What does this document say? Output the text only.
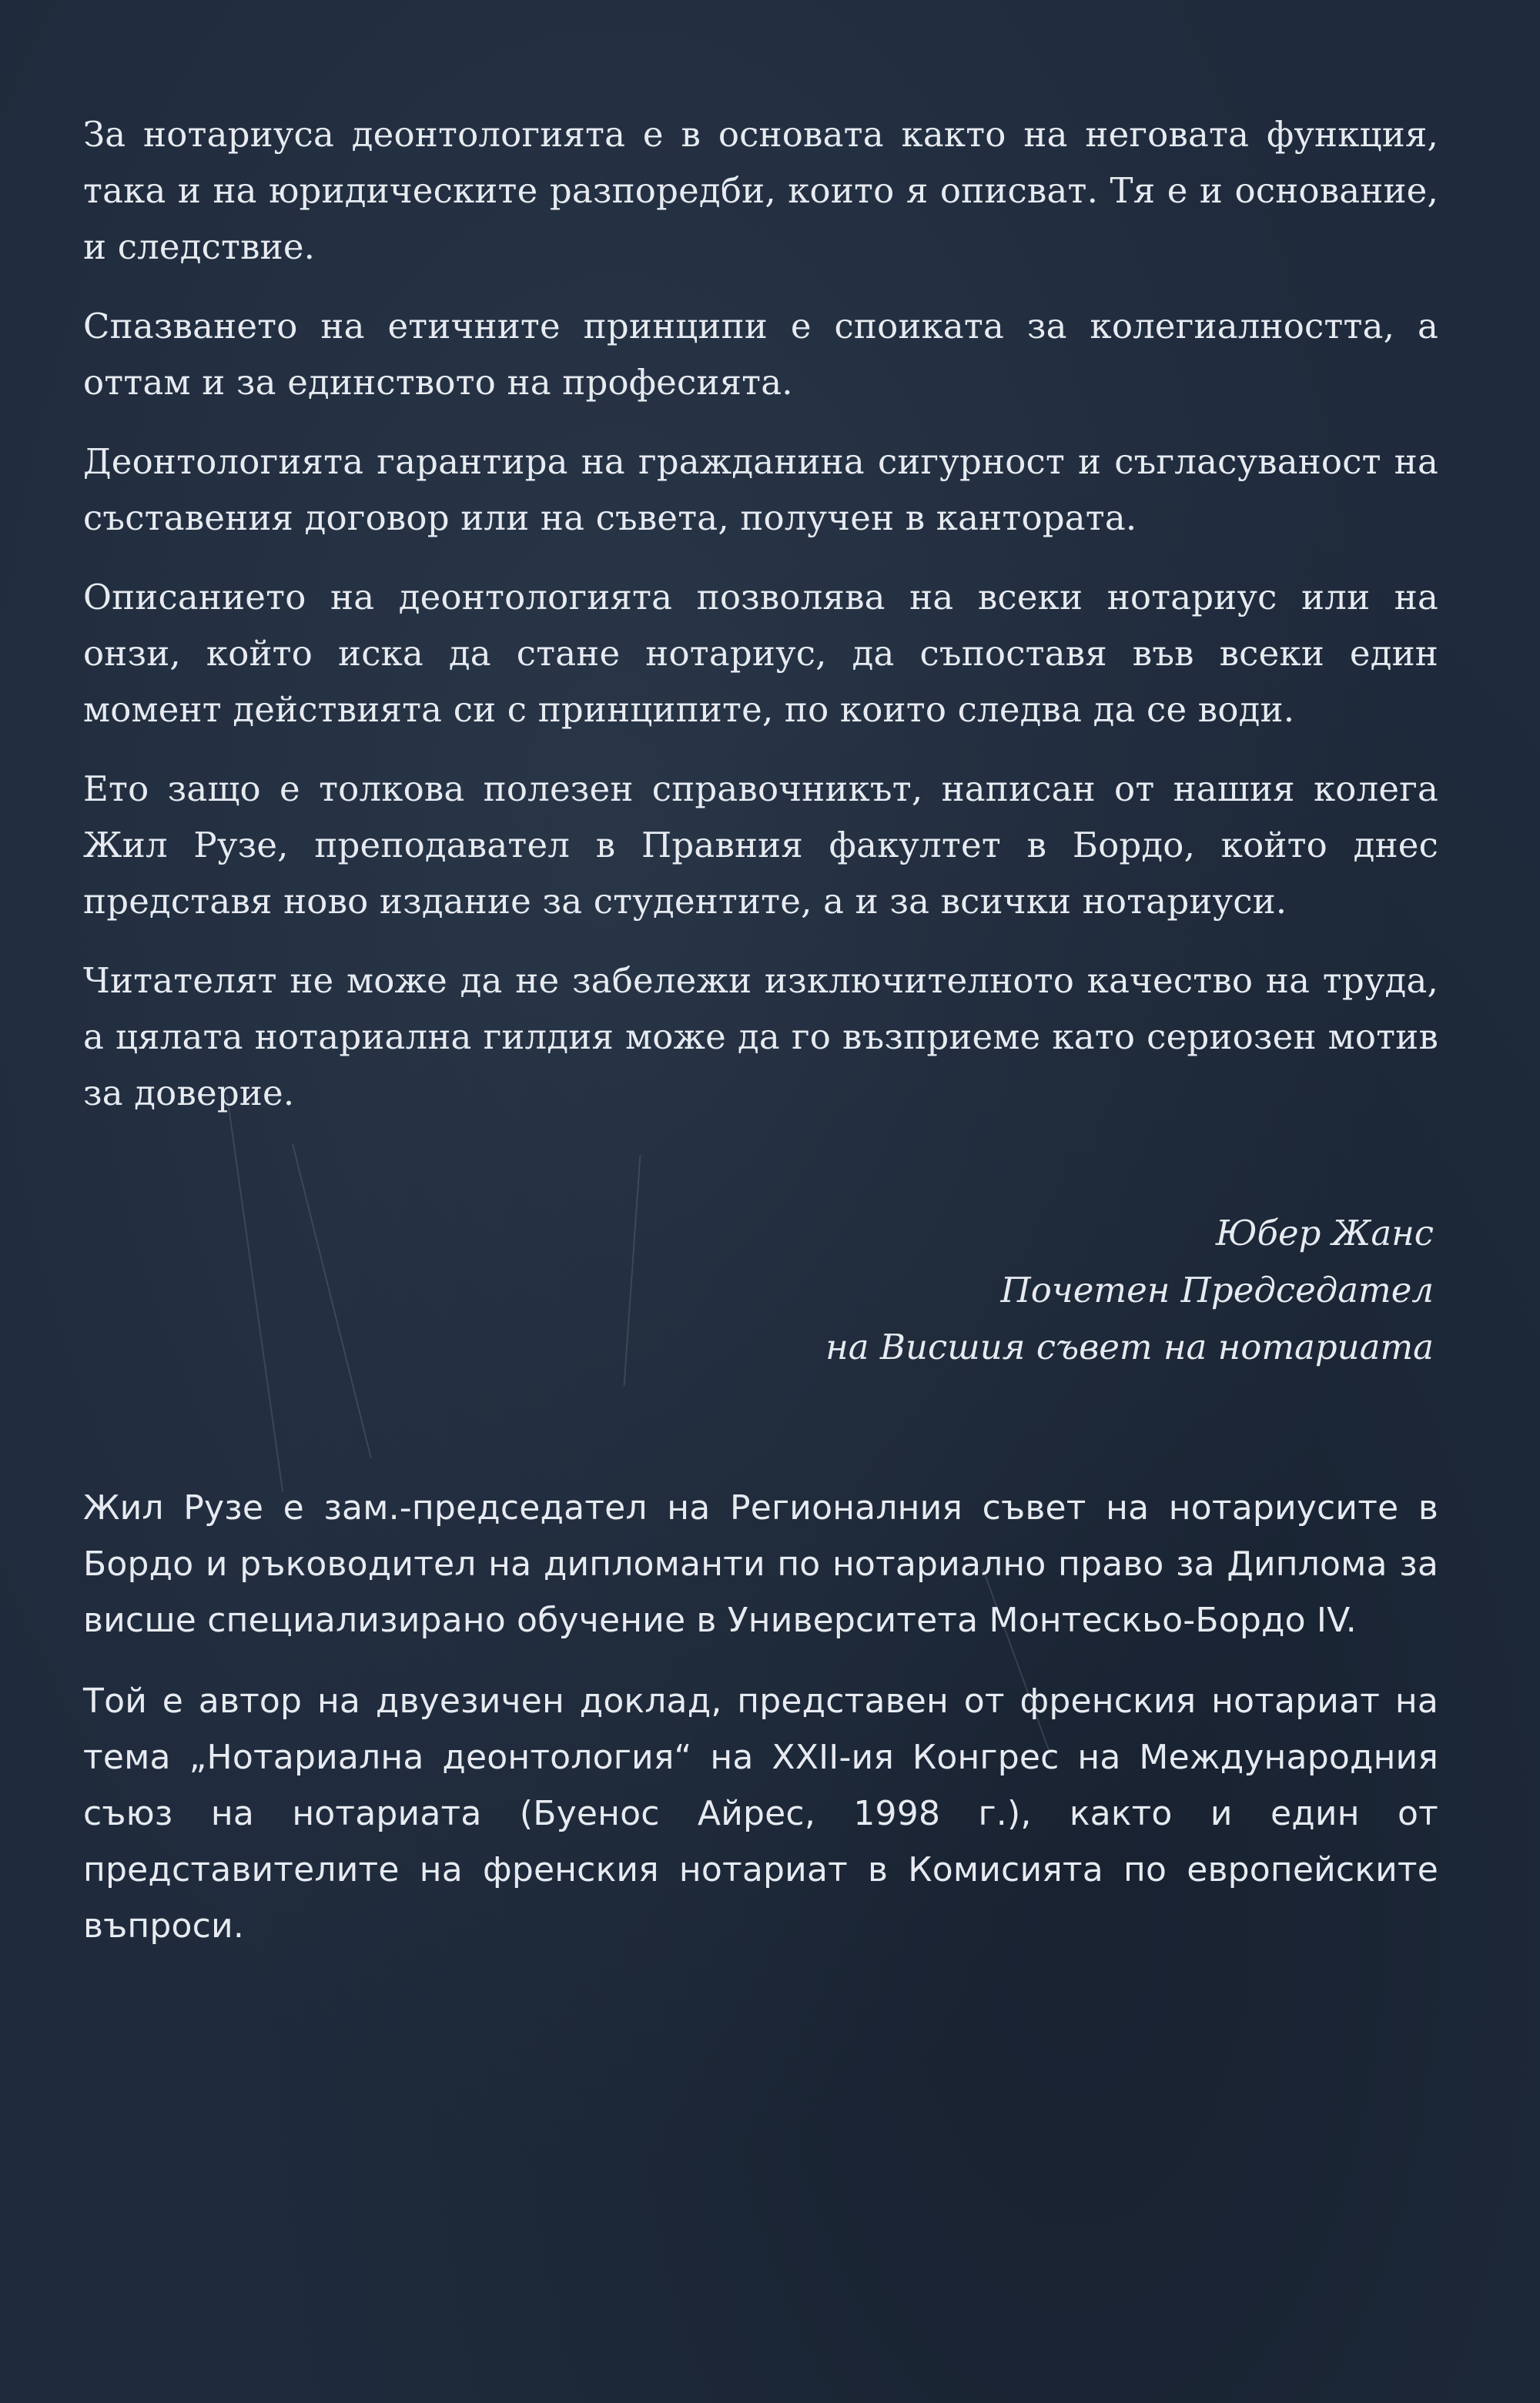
За нотариуса деонтологията е в основата както на неговата функция, така и на юридическите разпоредби, които я описват. Тя е и основание, и следствие.

Спазването на етичните принципи е споиката за колегиалността, а оттам и за единството на професията.

Деонтологията гарантира на гражданина сигурност и съгласуваност на съставения договор или на съвета, получен в кантората.

Описанието на деонтологията позволява на всеки нотариус или на онзи, който иска да стане нотариус, да съпоставя във всеки един момент действията си с принципите, по които следва да се води.

Ето защо е толкова полезен справочникът, написан от нашия колега Жил Рузе, преподавател в Правния факултет в Бордо, който днес представя ново издание за студентите, а и за всички нотариуси.

Читателят не може да не забележи изключителното качество на труда, а цялата нотариална гилдия може да го възприеме като сериозен мотив за доверие.

Юбер Жанс
Почетен Председател
на Висшия съвет на нотариата

Жил Рузе е зам.-председател на Регионалния съвет на нотариусите в Бордо и ръководител на дипломанти по нотариално право за Диплома за висше специализирано обучение в Университета Монтескьо-Бордо IV.

Той е автор на двуезичен доклад, представен от френския нотариат на тема „Нотариална деонтология“ на XXII-ия Конгрес на Международния съюз на нотариата (Буенос Айрес, 1998 г.), както и един от представителите на френския нотариат в Комисията по европейските въпроси.
